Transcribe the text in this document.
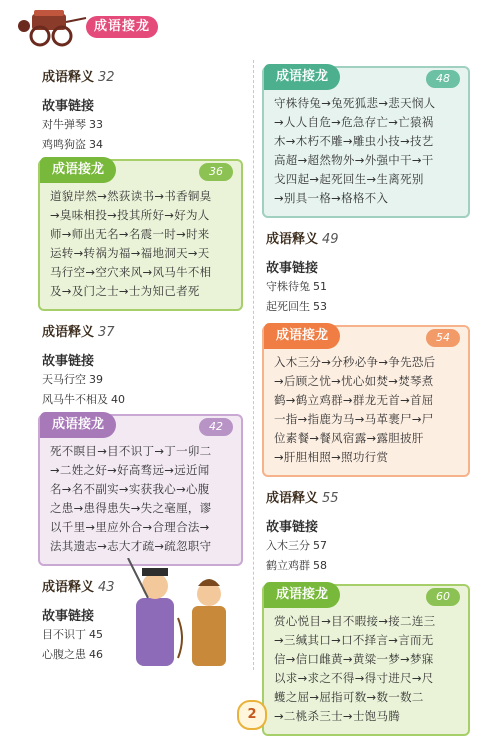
成语接龙
成语释义 32
故事链接
对牛弹琴 33
鸡鸣狗盗 34
成语接龙	36
道貌岸然→然荻读书→书香铜臭
→臭味相投→投其所好→好为人
师→师出无名→名震一时→时来
运转→转祸为福→福地洞天→天
马行空→空穴来风→风马牛不相
及→及门之士→士为知己者死
成语释义 37
故事链接
天马行空 39
风马牛不相及 40
成语接龙	42
死不瞑目→目不识丁→丁一卯二
→二姓之好→好高骛远→远近闻
名→名不副实→实获我心→心腹
之患→患得患失→失之毫厘，谬
以千里→里应外合→合理合法→
法其遗志→志大才疏→疏忽职守
成语释义 43
故事链接
目不识丁 45
心腹之患 46
成语接龙	48
守株待兔→兔死狐悲→悲天悯人
→人人自危→危急存亡→亡猿祸
木→木朽不雕→雕虫小技→技艺
高超→超然物外→外强中干→干
戈四起→起死回生→生离死别
→别具一格→格格不入
成语释义 49
故事链接
守株待兔 51
起死回生 53
成语接龙	54
入木三分→分秒必争→争先恐后
→后顾之忧→忧心如焚→焚琴煮
鹤→鹤立鸡群→群龙无首→首屈
一指→指鹿为马→马革裹尸→尸
位素餐→餐风宿露→露胆披肝
→肝胆相照→照功行赏
成语释义 55
故事链接
入木三分 57
鹤立鸡群 58
成语接龙	60
赏心悦目→目不暇接→接二连三
→三缄其口→口不择言→言而无
信→信口雌黄→黄粱一梦→梦寐
以求→求之不得→得寸进尺→尺
蠖之屈→屈指可数→数一数二
→二桃杀三士→士饱马腾
2
